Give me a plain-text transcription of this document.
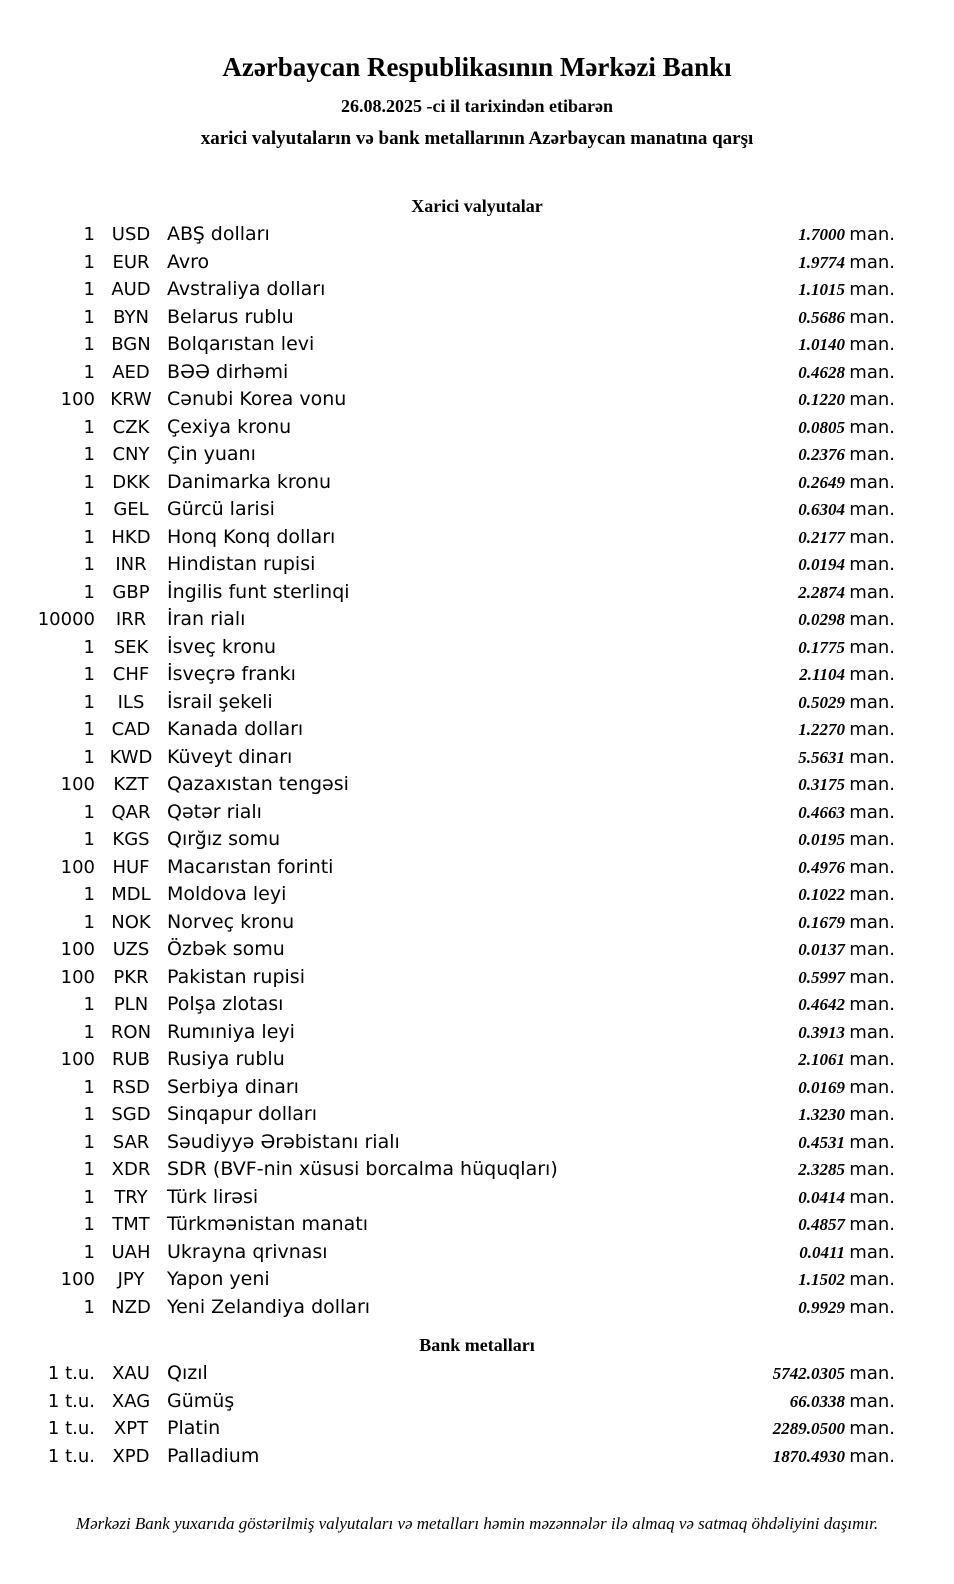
Azərbaycan Respublikasının Mərkəzi Bankı
26.08.2025 -ci il tarixindən etibarən
xarici valyutaların və bank metallarının Azərbaycan manatına qarşı
Xarici valyutalar
1 USD ABŞ dolları	1.7000 man.
1 EUR Avro	1.9774 man.
1 AUD Avstraliya dolları	1.1015 man.
1	BYN Belarus rublu	0.5686 man.
1 BGN Bolqarıstan levi	1.0140 man.
1 AED BƏƏ dirhəmi	0.4628 man.
100 KRW Cənubi Korea vonu	0.1220 man.
1 CZK Çexiya kronu	0.0805 man.
1 CNY Çin yuanı	0.2376 man.
1 DKK Danimarka kronu	0.2649 man.
1	GEL Gürcü larisi	0.6304 man.
1 HKD Honq Konq dolları	0.2177 man.
1	INR	Hindistan rupisi	0.0194 man.
1 GBP İngilis funt sterlinqi	2.2874 man.
10000	IRR	İran rialı	0.0298 man.
1	SEK İsveç kronu	0.1775 man.
1 CHF İsveçrə frankı	2.1104 man.
1	ILS	İsrail şekeli	0.5029 man.
1 CAD Kanada dolları	1.2270 man.
1 KWD Küveyt dinarı	5.5631 man.
100	KZT Qazaxıstan tengəsi	0.3175 man.
1 QAR Qətər rialı	0.4663 man.
1 KGS Qırğız somu	0.0195 man.
100 HUF Macarıstan forinti	0.4976 man.
1 MDL Moldova leyi	0.1022 man.
1 NOK Norveç kronu	0.1679 man.
100 UZS Özbək somu	0.0137 man.
100	PKR Pakistan rupisi	0.5997 man.
1	PLN Polşa zlotası	0.4642 man.
1 RON Rumıniya leyi	0.3913 man.
100 RUB Rusiya rublu	2.1061 man.
1 RSD Serbiya dinarı	0.0169 man.
1 SGD Sinqapur dolları	1.3230 man.
1 SAR Səudiyyə Ərəbistanı rialı	0.4531 man.
1 XDR SDR (BVF-nin xüsusi borcalma hüquqları)	2.3285 man.
1	TRY	Türk lirəsi	0.0414 man.
1 TMT Türkmənistan manatı	0.4857 man.
1 UAH Ukrayna qrivnası	0.0411 man.
100	JPY	Yapon yeni	1.1502 man.
1 NZD Yeni Zelandiya dolları	0.9929 man.
Bank metalları
1 t.u. XAU Qızıl	5742.0305 man.
1 t.u. XAG Gümüş	66.0338 man.
1 t.u.	XPT Platin	2289.0500 man.
1 t.u. XPD Palladium	1870.4930 man.
Mərkəzi Bank yuxarıda göstərilmiş valyutaları və metalları həmin məzənnələr ilə almaq və satmaq öhdəliyini daşımır.
